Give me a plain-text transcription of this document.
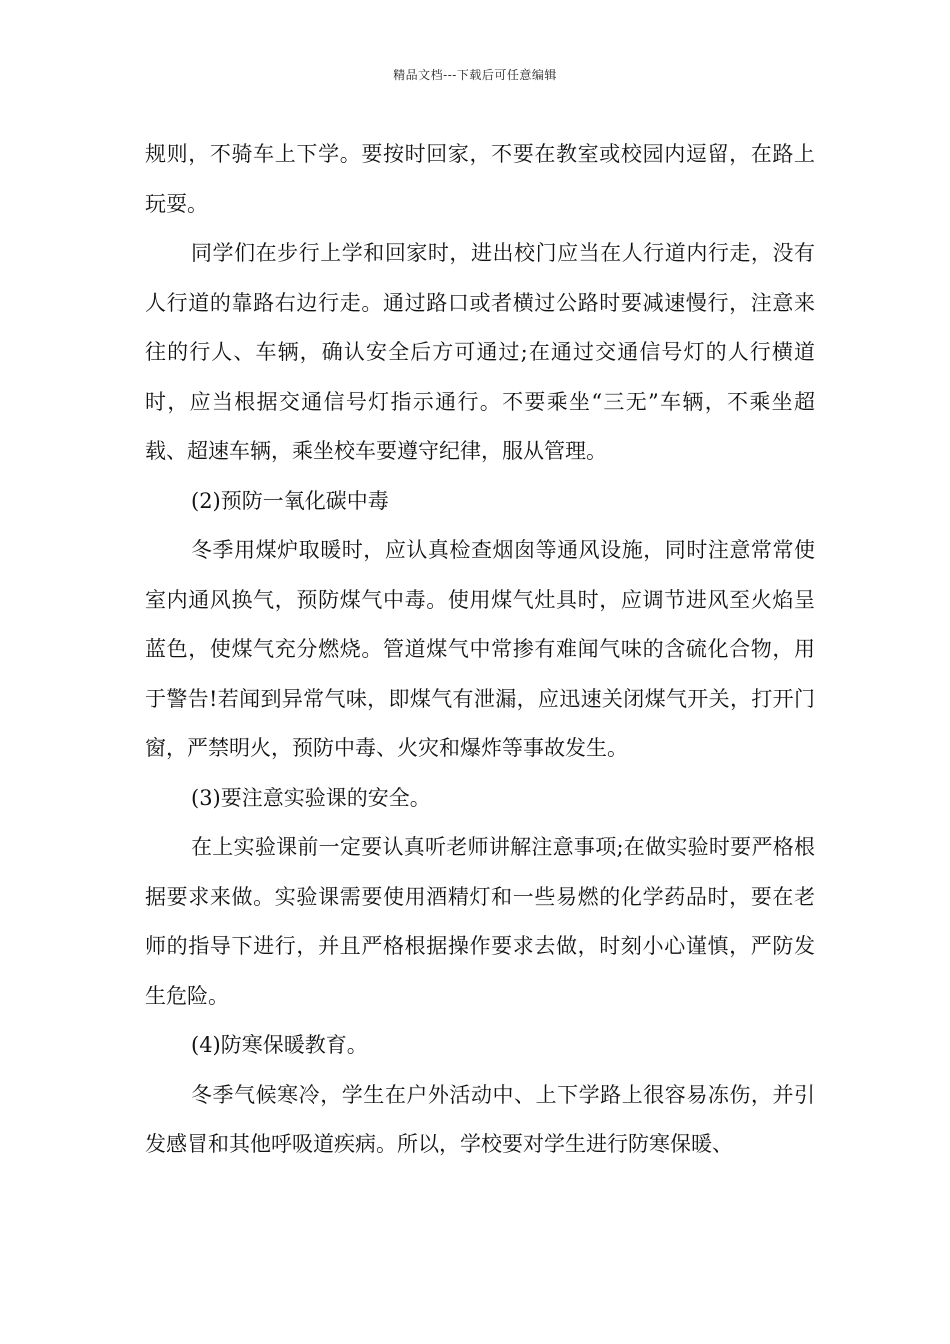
精品文档---下载后可任意编辑

规则，不骑车上下学。要按时回家，不要在教室或校园内逗留，在路上玩耍。

同学们在步行上学和回家时，进出校门应当在人行道内行走，没有人行道的靠路右边行走。通过路口或者横过公路时要减速慢行，注意来往的行人、车辆，确认安全后方可通过;在通过交通信号灯的人行横道时，应当根据交通信号灯指示通行。不要乘坐“三无”车辆，不乘坐超载、超速车辆，乘坐校车要遵守纪律，服从管理。

(2)预防一氧化碳中毒

冬季用煤炉取暖时，应认真检查烟囱等通风设施，同时注意常常使室内通风换气，预防煤气中毒。使用煤气灶具时，应调节进风至火焰呈蓝色，使煤气充分燃烧。管道煤气中常掺有难闻气味的含硫化合物，用于警告!若闻到异常气味，即煤气有泄漏，应迅速关闭煤气开关，打开门窗，严禁明火，预防中毒、火灾和爆炸等事故发生。

(3)要注意实验课的安全。

在上实验课前一定要认真听老师讲解注意事项;在做实验时要严格根据要求来做。实验课需要使用酒精灯和一些易燃的化学药品时，要在老师的指导下进行，并且严格根据操作要求去做，时刻小心谨慎，严防发生危险。

(4)防寒保暖教育。

冬季气候寒冷，学生在户外活动中、上下学路上很容易冻伤，并引发感冒和其他呼吸道疾病。所以，学校要对学生进行防寒保暖、
